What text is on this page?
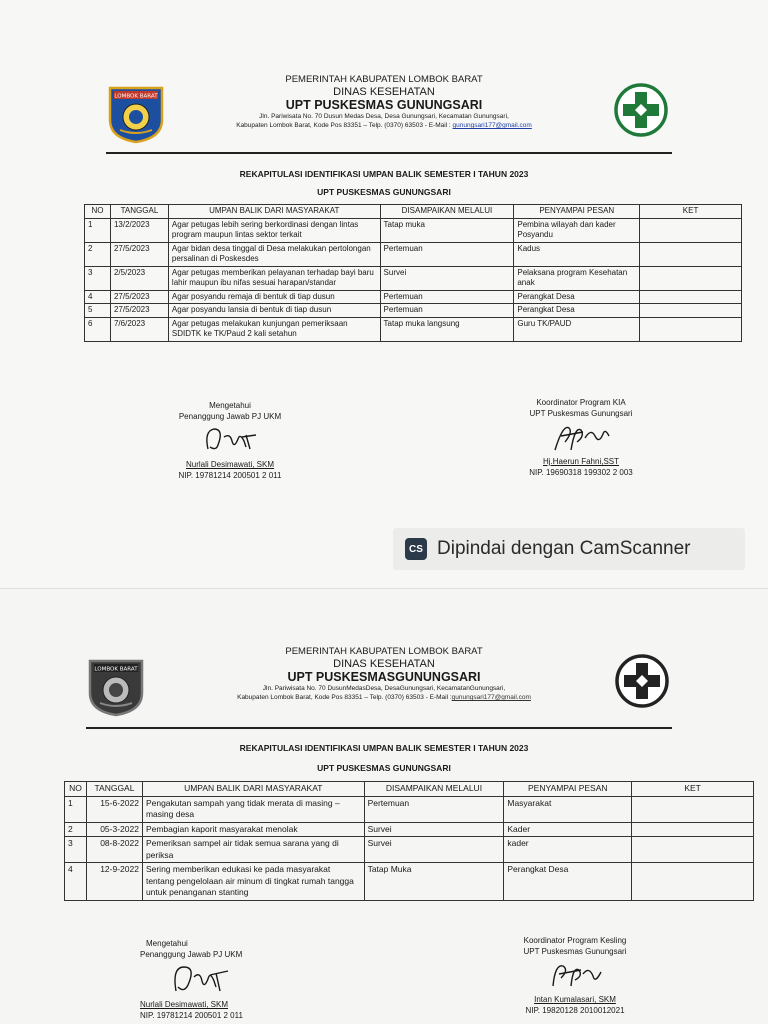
LOMBOK BARAT
PEMERINTAH KABUPATEN LOMBOK BARAT
DINAS KESEHATAN
UPT PUSKESMAS GUNUNGSARI
Jln. Pariwisata No. 70 Dusun Medas Desa, Desa Gunungsari, Kecamatan Gunungsari,
Kabupaten Lombok Barat, Kode Pos 83351 – Telp. (0370) 63503 - E-Mail : gunungsari177@gmail.com
REKAPITULASI IDENTIFIKASI UMPAN BALIK SEMESTER I TAHUN 2023
UPT PUSKESMAS GUNUNGSARI
NO	TANGGAL	UMPAN BALIK DARI MASYARAKAT	DISAMPAIKAN MELALUI	PENYAMPAI PESAN	KET
1	13/2/2023	Agar petugas lebih sering berkordinasi dengan lintas program maupun lintas sektor terkait	Tatap muka	Pembina wilayah dan kader Posyandu	
2	27/5/2023	Agar bidan desa tinggal di Desa melakukan pertolongan persalinan di Poskesdes	Pertemuan	Kadus	
3	2/5/2023	Agar petugas memberikan pelayanan terhadap bayi baru lahir maupun ibu nifas sesuai harapan/standar	Survei	Pelaksana program Kesehatan anak	
4	27/5/2023	Agar posyandu remaja di bentuk di tiap dusun	Pertemuan	Perangkat Desa	
5	27/5/2023	Agar posyandu lansia di bentuk di tiap dusun	Pertemuan	Perangkat Desa	
6	7/6/2023	Agar petugas melakukan kunjungan pemeriksaan SDIDTK ke TK/Paud 2 kali setahun	Tatap muka langsung	Guru TK/PAUD	
Mengetahui
Penanggung Jawab PJ UKM
Nurlali Desimawati, SKM
NIP. 19781214 200501 2 011
Koordinator Program KIA
UPT Puskesmas Gunungsari
Hj.Haerun Fahni,SST
NIP. 19690318 199302 2 003
CS Dipindai dengan CamScanner
LOMBOK BARAT
PEMERINTAH KABUPATEN LOMBOK BARAT
DINAS KESEHATAN
UPT PUSKESMASGUNUNGSARI
Jln. Pariwisata No. 70 DusunMedasDesa, DesaGunungsari, KecamatanGunungsari,
Kabupaten Lombok Barat, Kode Pos 83351 – Telp. (0370) 63503 - E-Mail :gunungsari177@gmail.com
REKAPITULASI IDENTIFIKASI UMPAN BALIK SEMESTER I TAHUN 2023
UPT PUSKESMAS GUNUNGSARI
NO	TANGGAL	UMPAN BALIK DARI MASYARAKAT	DISAMPAIKAN MELALUI	PENYAMPAI PESAN	KET
1	15-6-2022	Pengakutan sampah yang tidak merata di masing – masing desa	Pertemuan	Masyarakat	
2	05-3-2022	Pembagian kaporit masyarakat menolak	Survei	Kader	
3	08-8-2022	Pemeriksan sampel air tidak semua sarana yang di periksa	Survei	kader	
4	12-9-2022	Sering memberikan edukasi ke pada masyarakat tentang pengelolaan air minum di tingkat rumah tangga untuk penanganan stanting	Tatap Muka	Perangkat Desa	
Mengetahui
Penanggung Jawab PJ UKM
Nurlali Desimawati, SKM
NIP. 19781214 200501 2 011
Koordinator Program Kesling
UPT Puskesmas Gunungsari
Intan Kumalasari, SKM
NIP. 19820128 2010012021
